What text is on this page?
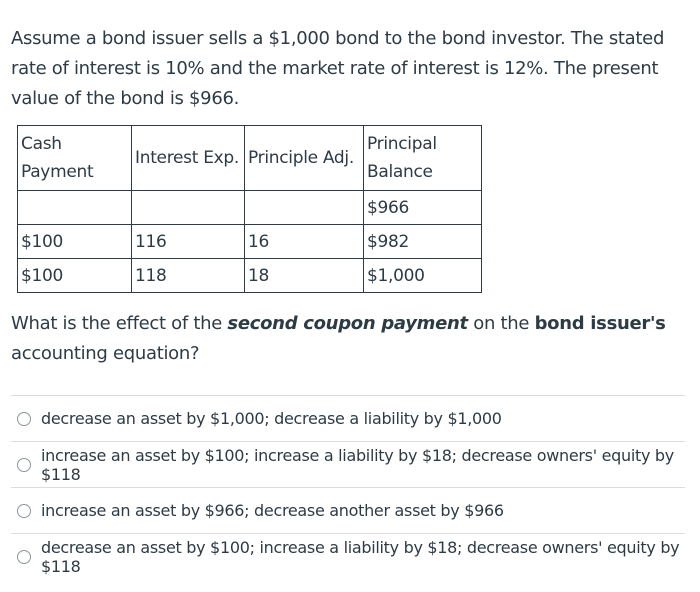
Assume a bond issuer sells a $1,000 bond to the bond investor. The stated rate of interest is 10% and the market rate of interest is 12%. The present value of the bond is $966.
Cash Payment	Interest Exp.	Principle Adj.	Principal Balance
			$966
$100	116	16	$982
$100	118	18	$1,000
What is the effect of the second coupon payment on the bond issuer's accounting equation?
decrease an asset by $1,000; decrease a liability by $1,000
increase an asset by $100; increase a liability by $18; decrease owners' equity by $118
increase an asset by $966; decrease another asset by $966
decrease an asset by $100; increase a liability by $18; decrease owners' equity by $118
